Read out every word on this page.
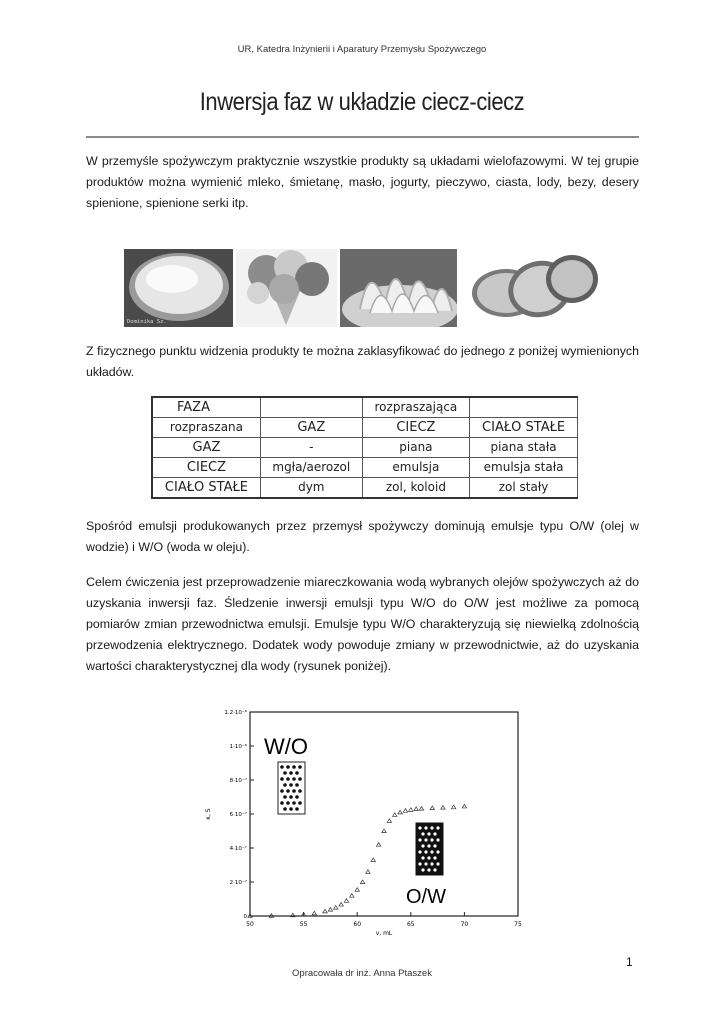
UR, Katedra Inżynierii i Aparatury Przemysłu Spożywczego
Inwersja faz w układzie ciecz-ciecz

W przemyśle spożywczym praktycznie wszystkie produkty są układami wielofazowymi. W tej grupie produktów można wymienić mleko, śmietanę, masło, jogurty, pieczywo, ciasta, lody, bezy, desery spienione, spienione serki itp.

Dominika Sz.

Z fizycznego punktu widzenia produkty te można zaklasyfikować do jednego z poniżej wymienionych układów.

FAZA		rozpraszająca	
rozpraszana	GAZ	CIECZ	CIAŁO STAŁE
GAZ	-	piana	piana stała
CIECZ	mgła/aerozol	emulsja	emulsja stała
CIAŁO STAŁE	dym	zol, koloid	zol stały

Spośród emulsji produkowanych przez przemysł spożywczy dominują emulsje typu O/W (olej w wodzie) i W/O (woda w oleju).

Celem ćwiczenia jest przeprowadzenie miareczkowania wodą wybranych olejów spożywczych aż do uzyskania inwersji faz. Śledzenie inwersji emulsji typu W/O do O/W jest możliwe za pomocą pomiarów zmian przewodnictwa emulsji. Emulsje typu W/O charakteryzują się niewielką zdolnością przewodzenia elektrycznego. Dodatek wody powoduje zmiany w przewodnictwie, aż do uzyskania wartości charakterystycznej dla wody (rysunek poniżej).

50	55	60	65	70	75
0
2·10⁻⁷
4·10⁻⁷
6·10⁻⁷
8·10⁻⁷
1·10⁻⁶
1.2·10⁻⁶
v, mL
κ, S
W/O
O/W
1
Opracowała dr inż. Anna Ptaszek
